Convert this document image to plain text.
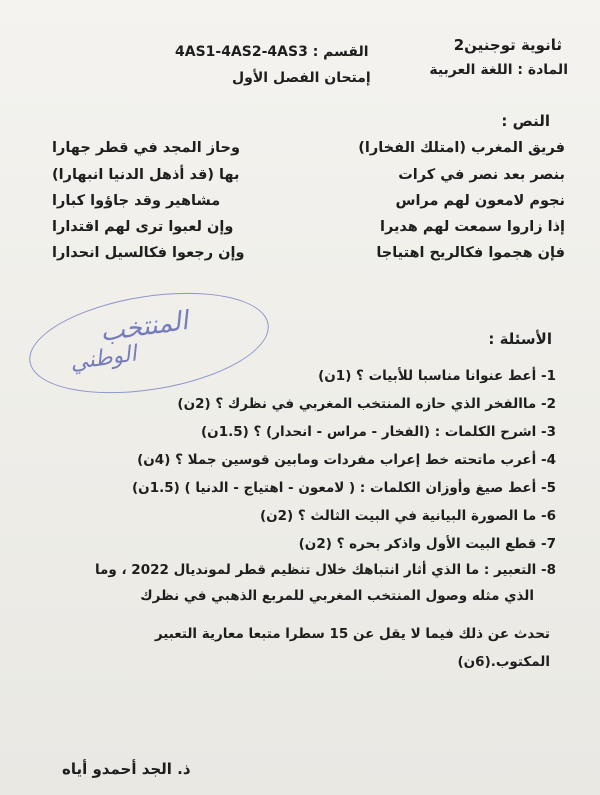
ثانوية توجنين2
المادة : اللغة العربية
القسم : 4AS1-4AS2-4AS3
إمتحان الفصل الأول
النص :
فريق المغرب (امتلك الفخارا)
وحاز المجد في قطر جهارا
بنصر بعد نصر في كرات
بها (قد أذهل الدنيا انبهارا)
نجوم لامعون لهم مراس
مشاهير وقد جاؤوا كبارا
إذا زاروا سمعت لهم هديرا
وإن لعبوا ترى لهم اقتدارا
فإن هجموا فكالريح اهتياجا
وإن رجعوا فكالسيل انحدارا
المنتخب
الوطني
الأسئلة :
1- أعط عنوانا مناسبا للأبيات ؟ (1ن)
2- ماالفخر الذي حازه المنتخب المغربي في نظرك ؟ (2ن)
3- اشرح الكلمات : (الفخار - مراس - انحدار) ؟ (1.5ن)
4- أعرب ماتحته خط إعراب مفردات ومابين قوسين جملا ؟ (4ن)
5- أعط صيغ وأوزان الكلمات : ( لامعون - اهتياج - الدنيا ) (1.5ن)
6- ما الصورة البيانية في البيت الثالث ؟ (2ن)
7- قطع البيت الأول واذكر بحره ؟ (2ن)
8- التعبير : ما الذي أثار انتباهك خلال تنظيم قطر لمونديال 2022 ، وما
الذي مثله وصول المنتخب المغربي للمربع الذهبي في نظرك
تحدث عن ذلك فيما لا يقل عن 15 سطرا متبعا معارية التعبير
المكتوب.(6ن)
ذ. الجد أحمدو أياه
